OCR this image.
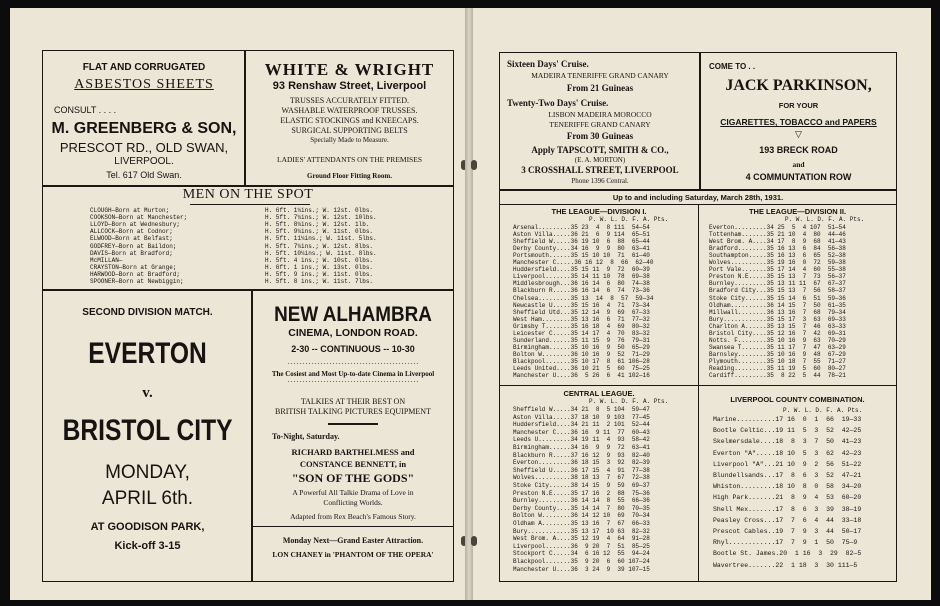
FLAT AND CORRUGATED
ASBESTOS SHEETS
CONSULT . . . .
M. GREENBERG & SON,
PRESCOT RD., OLD SWAN,
LIVERPOOL.
Tel. 617 Old Swan.
WHITE & WRIGHT
93 Renshaw Street, Liverpool
TRUSSES ACCURATELY FITTED.
WASHABLE WATERPROOF TRUSSES.
ELASTIC STOCKINGS and KNEECAPS.
SURGICAL SUPPORTING BELTS
Specially Made to Measure.
LADIES' ATTENDANTS ON THE PREMISES
Ground Floor Fitting Room.
MEN ON THE SPOT
CLOUGH—Born at Murton;	H. 6ft. 1¼ins.; W. 12st. 0lbs.
COOKSON—Born at Manchester;	H. 5ft. 7¼ins.; W. 12st. 10lbs.
LLOYD—Born at Wednesbury;	H. 5ft. 8¼ins.; W. 12st. 1lb.
ALLCOCK—Born at Codnor;	H. 5ft. 9¼ins.; W. 11st. 0lbs.
ELWOOD—Born at Belfast;	H. 5ft. 11¼ins.; W. 11st. 5lbs.
GODFREY—Born at Baildon;	H. 5ft. 7¼ins.; W. 12st. 8lbs.
DAVIS—Born at Bradford;	H. 5ft. 10¼ins.; W. 11st. 8lbs.
McMILLAN—	H. 5ft. 4 ins.; W. 10st. 0lbs.
CRAYSTON—Born at Grange;	H. 6ft. 1 ins.; W. 13st. 0lbs.
HARWOOD—Born at Bradford;	H. 5ft. 9 ins.; W. 11st. 0lbs.
SPOONER—Born at Newbiggin;	H. 5ft. 8 ins.; W. 11st. 7lbs.
SECOND DIVISION MATCH.
EVERTON
v.
BRISTOL CITY
MONDAY,
APRIL 6th.
AT GOODISON PARK,
Kick-off 3-15
NEW ALHAMBRA
CINEMA, LONDON ROAD.
2-30 -- CONTINUOUS -- 10-30
********************************************
The Cosiest and Most Up-to-date Cinema in Liverpool
********************************************
TALKIES AT THEIR BEST ON
BRITISH TALKING PICTURES EQUIPMENT
To-Night, Saturday.
RICHARD BARTHELMESS and
CONSTANCE BENNETT, in
"SON OF THE GODS"
A Powerful All Talkie Drama of Love in
Conflicting Worlds.
Adapted from Rex Beach's Famous Story.
Monday Next—Grand Easter Attraction.
LON CHANEY in 'PHANTOM OF THE OPERA'
Sixteen Days' Cruise.
MADEIRA TENERIFFE GRAND CANARY
From 21 Guineas
Twenty-Two Days' Cruise.
LISBON MADEIRA MOROCCO
TENERIFFE GRAND CANARY
From 30 Guineas
Apply TAPSCOTT, SMITH & CO.,
(E. A. MORTON)
3 CROSSHALL STREET, LIVERPOOL
Phone 1396 Central.
COME TO . .
JACK PARKINSON,
FOR YOUR
CIGARETTES, TOBACCO and PAPERS
▽
193 BRECK ROAD
and
4 COMMUNTATION ROW
Up to and including Saturday, March 28th, 1931.
THE LEAGUE—DIVISION I.
P. W. L. D. F. A. Pts.
Arsenal.........35 23  4  8 111  54—54
Aston Villa.....36 21  6  9 114  65—51
Sheffield W.....36 19 10  6  88  65—44
Derby County....34 16  9  9  80  63—41
Portsmouth......35 15 10 10  71  61—40
Manchester C.....36 16 12  8  66  62—40
Huddersfield....35 15 11  9  72  60—39
Liverpool.......35 14 11 10  78  69—38
Middlesbrough...36 16 14  6  80  74—38
Blackburn R.....36 16 14  6  74  73—36
Chelsea.........35 13  14  8  57  59—34
Newcastle U.....35 15 16  4  71  73—34
Sheffield Utd...35 12 14  9  69  67—33
West Ham........35 13 16  6  71  77—32
Grimsby T.......35 16 18  4  69  80—32
Leicester C.....35 14 17  4  70  83—32
Sunderland......35 11 15  9  76  79—31
Birmingham......35 10 16  9  50  65—29
Bolton W........36 10 16  9  52  71—29
Blackpool.......35 10 17  8  61 106—28
Leeds United....36 10 21  5  60  75—25
Manchester U....36  5 26  6  41 102—16
THE LEAGUE—DIVISION II.
P. W. L. D. F. A. Pts.
Everton.........34 25  5  4 107  51—54
Tottenham.......35 21 10  4  80  44—46
West Brom. A....34 17  8  9  68  41—43
Bradford........35 16 13  6  84  56—38
Southampton.....35 16 13  6  65  52—38
Wolves..........35 19 16  0  72  59—38
Port Vale.......35 17 14  4  60  55—38
Preston N.E.....35 15 13  7  73  56—37
Burnley.........35 13 11 11  67  67—37
Bradford City...35 15 13  7  56  58—37
Stoke City......35 15 14  6  51  59—36
Oldham..........36 14 15  7  50  61—35
Millwall........36 13 16  7  68  79—34
Bury............35 15 17  3  63  69—33
Charlton A......35 13 15  7  46  63—33
Bristol City....35 12 16  7  42  69—31
Notts. F........35 10 16  9  63  70—29
Swansea T.......35 11 17  7  47  63—29
Barnsley........35 10 16  9  48  67—29
Plymouth........35 10 18  7  55  71—27
Reading.........35 11 19  5  60  80—27
Cardiff.........35  8 22  5  44  78—21
CENTRAL LEAGUE.
P. W. L. D. F. A. Pts.
Sheffield W.....34 21  8  5 104  59—47
Aston Villa.....37 18 10  9 103  77—45
Huddersfield....34 21 11  2 101  52—44
Manchester C....36 16  9 11  77  60—43
Leeds U.........34 19 11  4  93  58—42
Birmingham......34 16  9  9  72  63—41
Blackburn R.....37 16 12  9  93  82—40
Everton.........36 18 15  3  92  82—39
Sheffield U.....36 17 15  4  91  77—38
Wolves..........38 18 13  7  67  72—38
Stoke City......38 14 15  9  59  69—37
Preston N.E.....35 17 16  2  88  75—36
Burnley.........36 14 14  8  55  66—36
Derby County....35 14 14  7  80  70—35
Bolton W........36 14 12 10  69  70—34
Oldham A........35 13 16  7  67  66—33
Bury............35 13 17  10 63  82—32
West Brom. A....35 12 19  4  64  91—28
Liverpool.......36  9 20  7  51  85—25
Stockport C.....34  6 16 12  55  94—24
Blackpool.......35  9 20  6  60 107—24
Manchester U....36  3 24  9  39 107—15
LIVERPOOL COUNTY COMBINATION.
P. W. L. D. F. A. Pts.
Marine..........17 16  0  1  66  19—33
Bootle Celtic...19 11  5  3  52  42—25
Skelmersdale....18  8  3  7  50  41—23
Everton "A".....18 10  5  3  62  42—23
Liverpool "A"...21 10  9  2  56  51—22
Blundellsands...17  8  6  3  52  47—21
Whiston.........18 10  8  0  58  34—20
High Park.......21  8  9  4  53  60—20
Shell Mex.......17  8  6  3  39  38—19
Peasley Cross...17  7  6  4  44  33—18
Prescot Cables..19  7  9  3  44  50—17
Rhyl............17  7  9  1  50  75—9
Bootle St. James.20  1 16  3  29  82—5
Wavertree.......22  1 18  3  30 111—5
